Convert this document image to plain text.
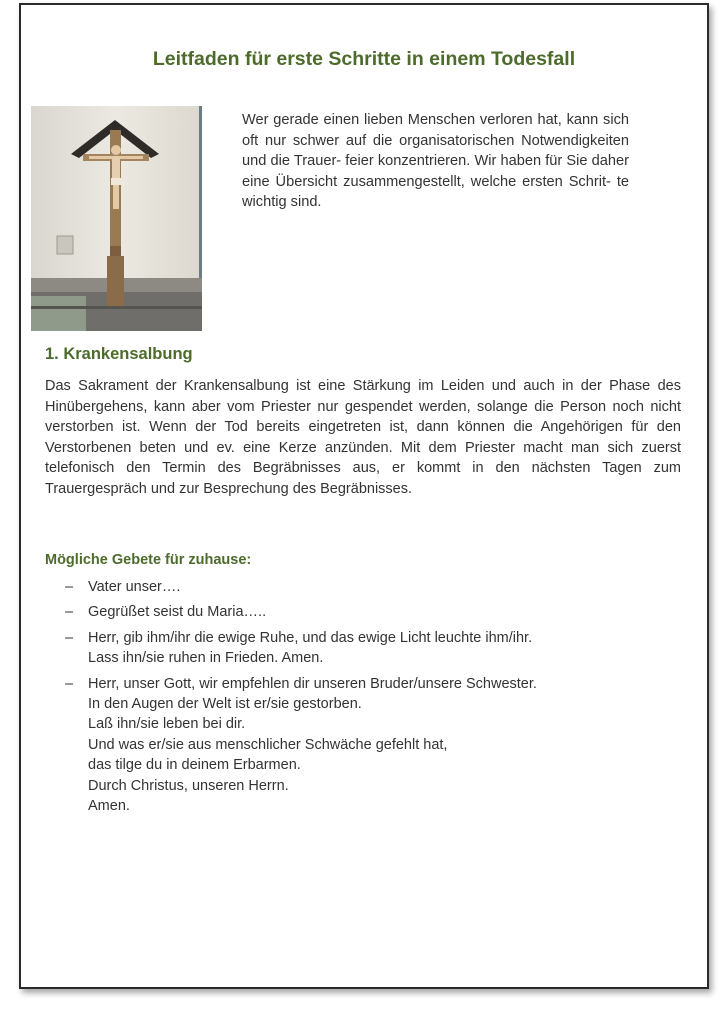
Leitfaden für erste Schritte in einem Todesfall
Wer gerade einen lieben Menschen verloren hat, kann sich oft nur schwer auf die organisatorischen Notwendigkeiten und die Trauer- feier konzentrieren. Wir haben für Sie daher eine Übersicht zusammengestellt, welche ersten Schrit- te wichtig sind.
1. Krankensalbung
Das Sakrament der Krankensalbung ist eine Stärkung im Leiden und auch in der Phase des Hinübergehens, kann aber vom Priester nur gespendet werden, solange die Person noch nicht verstorben ist. Wenn der Tod bereits eingetreten ist, dann können die Angehörigen für den Verstorbenen beten und ev. eine Kerze anzünden. Mit dem Priester macht man sich zuerst telefonisch den Termin des Begräbnisses aus, er kommt in den nächsten Tagen zum Trauergespräch und zur Besprechung des Begräbnisses.
Mögliche Gebete für zuhause:
– Vater unser….
– Gegrüßet seist du Maria…..
– Herr, gib ihm/ihr die ewige Ruhe, und das ewige Licht leuchte ihm/ihr.
Lass ihn/sie ruhen in Frieden. Amen.
– Herr, unser Gott, wir empfehlen dir unseren Bruder/unsere Schwester.
In den Augen der Welt ist er/sie gestorben.
Laß ihn/sie leben bei dir.
Und was er/sie aus menschlicher Schwäche gefehlt hat,
das tilge du in deinem Erbarmen.
Durch Christus, unseren Herrn.
Amen.
